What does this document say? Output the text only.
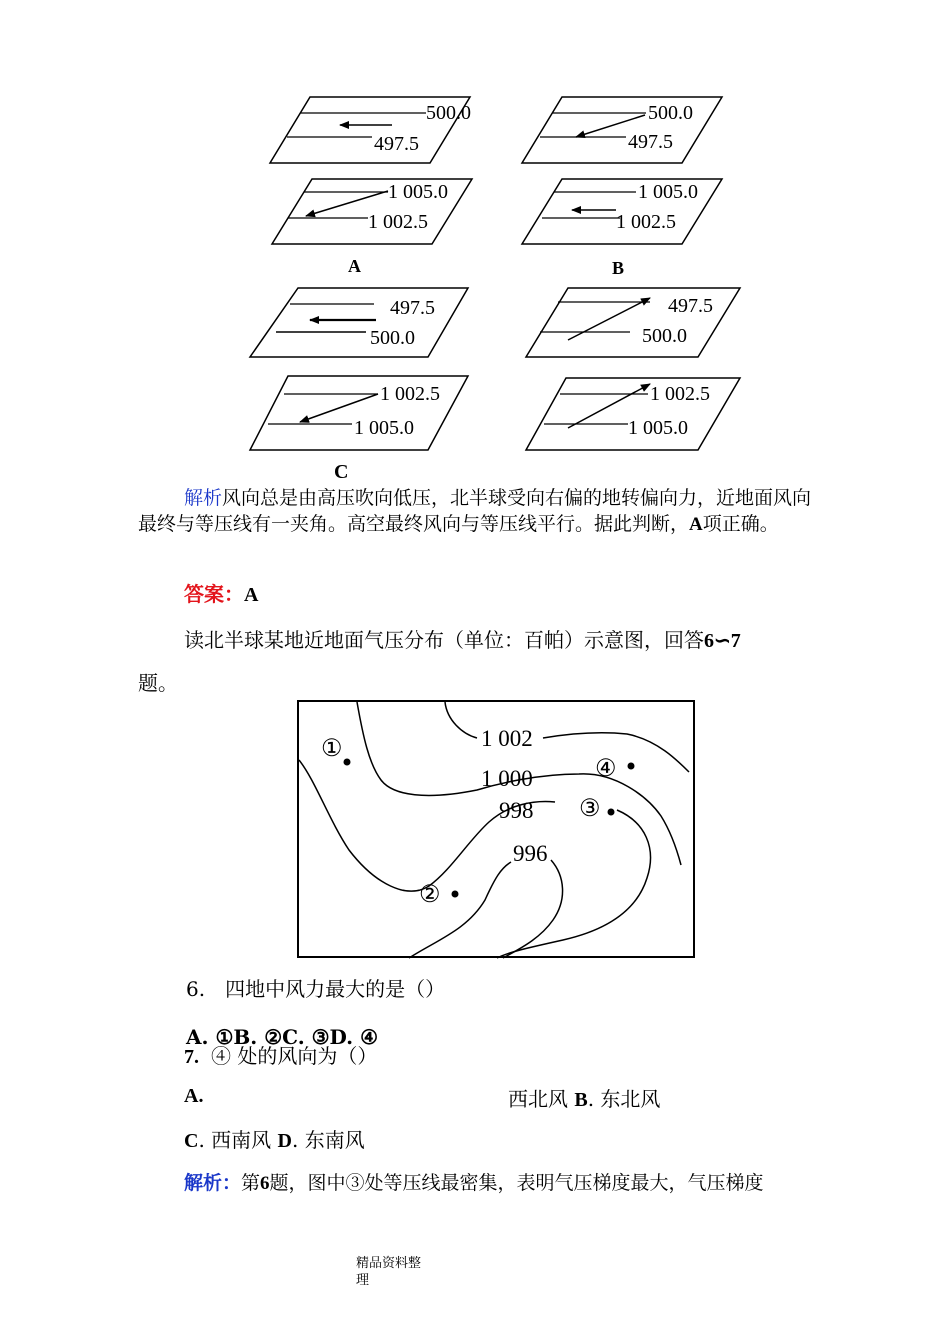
500.0
497.5
1 005.0
1 002.5
A
500.0
497.5
1 005.0
1 002.5
B
497.5
500.0
1 002.5
1 005.0
C
497.5
500.0
1 002.5
1 005.0
解析风向总是由高压吹向低压，北半球受向右偏的地转偏向力，近地面风向最终与等压线有一夹角。高空最终风向与等压线平行。据此判断，A项正确。
答案：A
读北半球某地近地面气压分布（单位：百帕）示意图，回答6∽7
题。
1 002
1 000
998
996
①
②
③
④
6.　四地中风力最大的是（）
A. ①B. ②C. ③D. ④
7. ④ 处的风向为（）
A.	西北风 B. 东北风
C. 西南风 D. 东南风
解析：第6题，图中③处等压线最密集，表明气压梯度最大，气压梯度
精品资料整
理
